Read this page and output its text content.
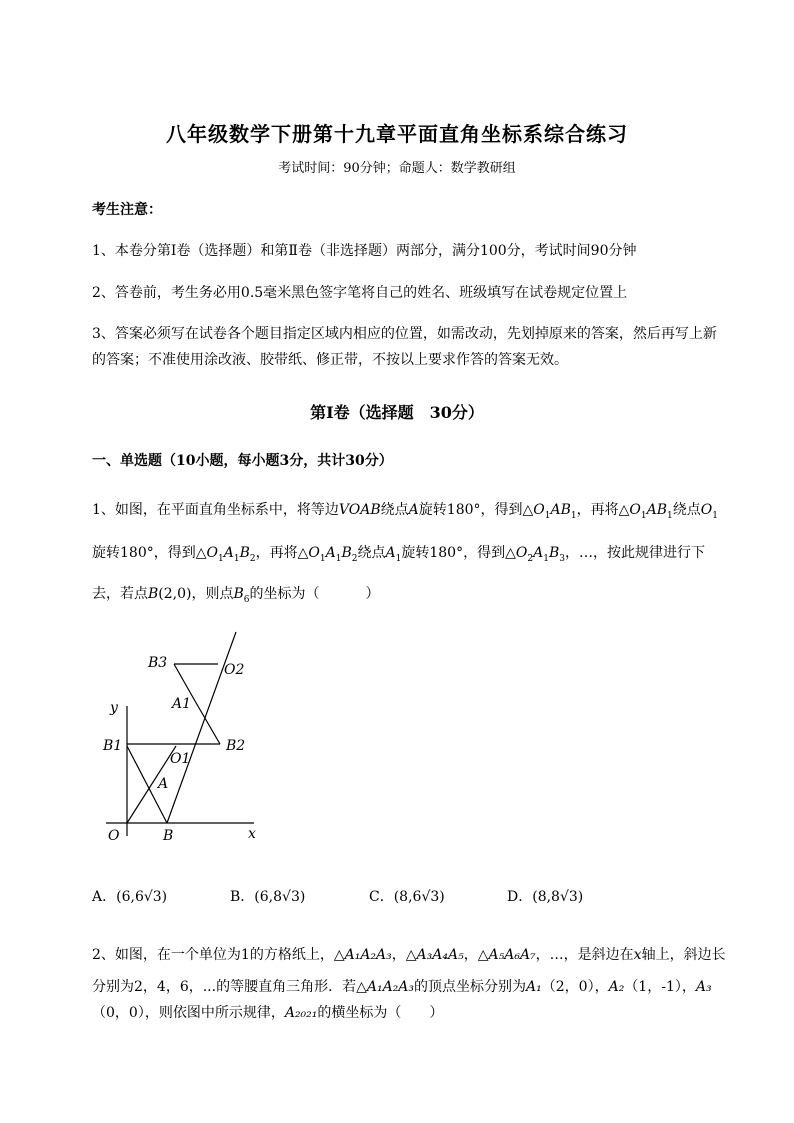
八年级数学下册第十九章平面直角坐标系综合练习
考试时间：90分钟；命题人：数学教研组
考生注意：
1、本卷分第I卷（选择题）和第Ⅱ卷（非选择题）两部分，满分100分，考试时间90分钟
2、答卷前，考生务必用0.5毫米黑色签字笔将自己的姓名、班级填写在试卷规定位置上
3、答案必须写在试卷各个题目指定区域内相应的位置，如需改动，先划掉原来的答案，然后再写上新
的答案；不准使用涂改液、胶带纸、修正带，不按以上要求作答的答案无效。
第I卷（选择题　30分）
一、单选题（10小题，每小题3分，共计30分）
1、如图，在平面直角坐标系中，将等边VOAB绕点A旋转180°，得到$\triangle O_1AB_1$，再将$\triangle O_1AB_1$绕点$O_1$
旋转180°，得到$\triangle O_1A_1B_2$，再将$\triangle O_1A_1B_2$绕点$A_1$旋转180°，得到$\triangle O_2A_1B_3$，…，按此规律进行下
去，若点B(2,0)，则点$B_6$的坐标为（	）
B3	O2
A1
y
B1
O1
B2
A
O	B	x
A．(6,6√3)	B．(6,8√3)	C．(8,6√3)	D．(8,8√3)
2、如图，在一个单位为1的方格纸上，△A₁A₂A₃，△A₃A₄A₅，△A₅A₆A₇，…，是斜边在x轴上，斜边长
分别为2，4，6，...的等腰直角三角形．若△A₁A₂A₃的顶点坐标分别为A₁（2，0），A₂（1，-1），A₃
（0，0），则依图中所示规律，A₂₀₂₁的横坐标为（　　）
